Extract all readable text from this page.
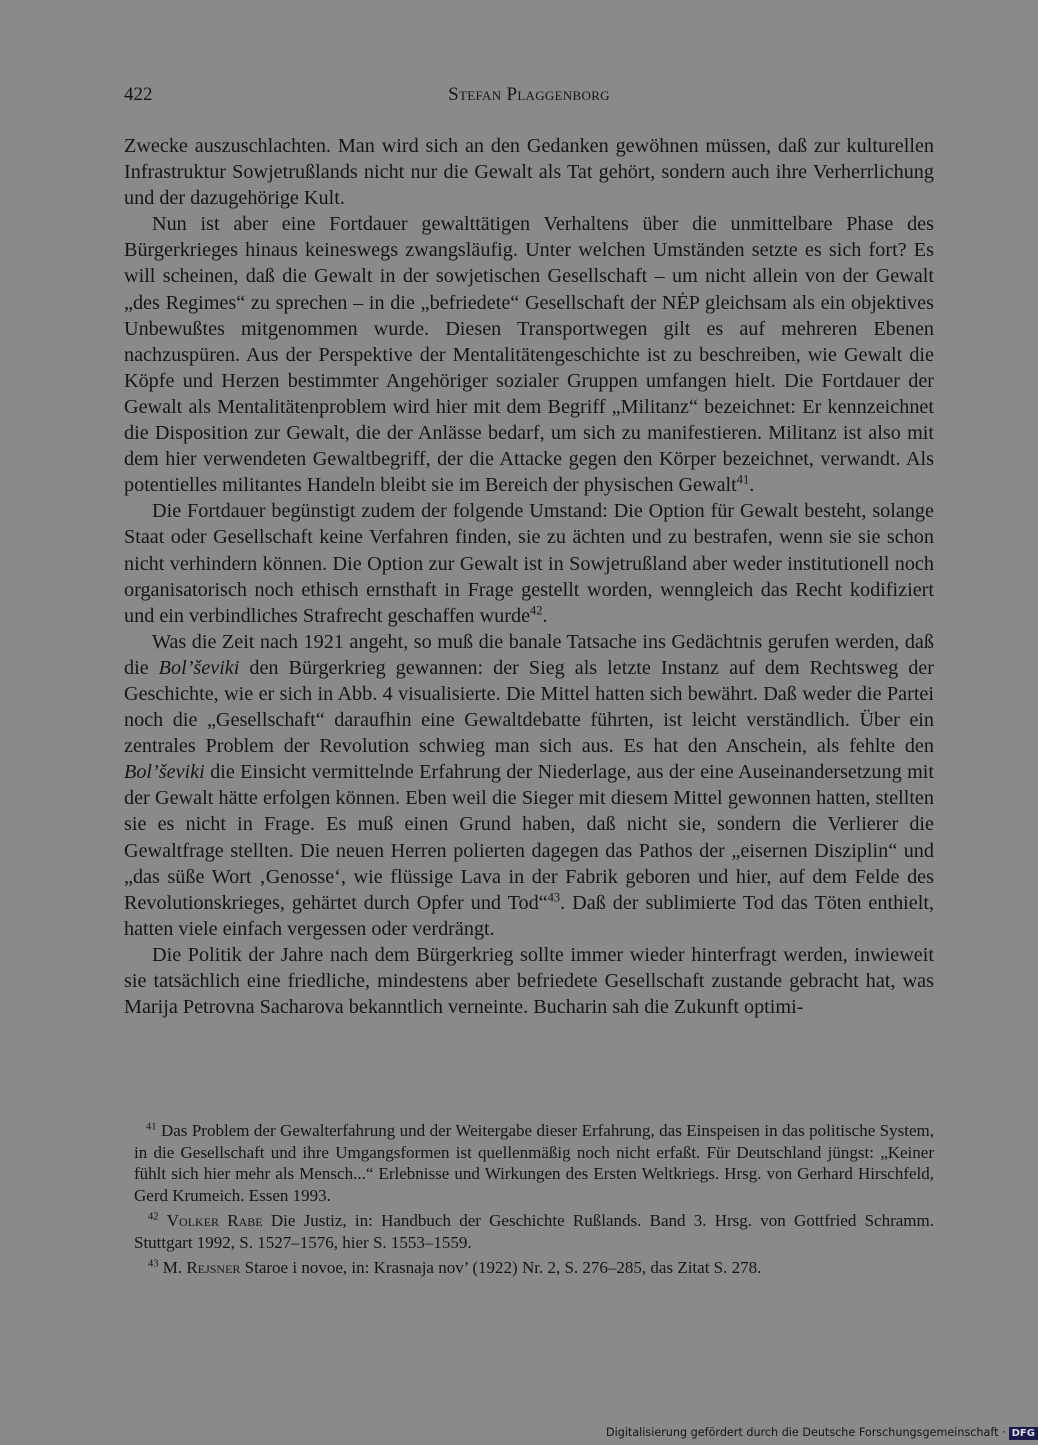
422	Stefan Plaggenborg

Zwecke auszuschlachten. Man wird sich an den Gedanken gewöhnen müssen, daß zur kulturellen Infrastruktur Sowjetrußlands nicht nur die Gewalt als Tat gehört, sondern auch ihre Verherrlichung und der dazugehörige Kult.

Nun ist aber eine Fortdauer gewalttätigen Verhaltens über die unmittelbare Phase des Bürgerkrieges hinaus keineswegs zwangsläufig. Unter welchen Umständen setzte es sich fort? Es will scheinen, daß die Gewalt in der sowjetischen Gesellschaft – um nicht allein von der Gewalt „des Regimes“ zu sprechen – in die „befriedete“ Gesellschaft der NĖP gleichsam als ein objektives Unbewußtes mitgenommen wurde. Diesen Transportwegen gilt es auf mehreren Ebenen nachzuspüren. Aus der Perspektive der Mentalitätengeschichte ist zu beschreiben, wie Gewalt die Köpfe und Herzen bestimmter Angehöriger sozialer Gruppen umfangen hielt. Die Fortdauer der Gewalt als Mentalitätenproblem wird hier mit dem Begriff „Militanz“ bezeichnet: Er kennzeichnet die Disposition zur Gewalt, die der Anlässe bedarf, um sich zu manifestieren. Militanz ist also mit dem hier verwendeten Gewaltbegriff, der die Attacke gegen den Körper bezeichnet, verwandt. Als potentielles militantes Handeln bleibt sie im Bereich der physischen Gewalt$^{41}$.

Die Fortdauer begünstigt zudem der folgende Umstand: Die Option für Gewalt besteht, solange Staat oder Gesellschaft keine Verfahren finden, sie zu ächten und zu bestrafen, wenn sie sie schon nicht verhindern können. Die Option zur Gewalt ist in Sowjetrußland aber weder institutionell noch organisatorisch noch ethisch ernsthaft in Frage gestellt worden, wenngleich das Recht kodifiziert und ein verbindliches Strafrecht geschaffen wurde$^{42}$.

Was die Zeit nach 1921 angeht, so muß die banale Tatsache ins Gedächtnis gerufen werden, daß die Bol’ševiki den Bürgerkrieg gewannen: der Sieg als letzte Instanz auf dem Rechtsweg der Geschichte, wie er sich in Abb. 4 visualisierte. Die Mittel hatten sich bewährt. Daß weder die Partei noch die „Gesellschaft“ daraufhin eine Gewaltdebatte führten, ist leicht verständlich. Über ein zentrales Problem der Revolution schwieg man sich aus. Es hat den Anschein, als fehlte den Bol’ševiki die Einsicht vermittelnde Erfahrung der Niederlage, aus der eine Auseinandersetzung mit der Gewalt hätte erfolgen können. Eben weil die Sieger mit diesem Mittel gewonnen hatten, stellten sie es nicht in Frage. Es muß einen Grund haben, daß nicht sie, sondern die Verlierer die Gewaltfrage stellten. Die neuen Herren polierten dagegen das Pathos der „eisernen Disziplin“ und „das süße Wort ‚Genosse‘, wie flüssige Lava in der Fabrik geboren und hier, auf dem Felde des Revolutionskrieges, gehärtet durch Opfer und Tod“$^{43}$. Daß der sublimierte Tod das Töten enthielt, hatten viele einfach vergessen oder verdrängt.

Die Politik der Jahre nach dem Bürgerkrieg sollte immer wieder hinterfragt werden, inwieweit sie tatsächlich eine friedliche, mindestens aber befriedete Gesellschaft zustande gebracht hat, was Marija Petrovna Sacharova bekanntlich verneinte. Bucharin sah die Zukunft optimi-

$^{41}$ Das Problem der Gewalterfahrung und der Weitergabe dieser Erfahrung, das Einspeisen in das politische System, in die Gesellschaft und ihre Umgangsformen ist quellenmäßig noch nicht erfaßt. Für Deutschland jüngst: „Keiner fühlt sich hier mehr als Mensch...“ Erlebnisse und Wirkungen des Ersten Weltkriegs. Hrsg. von Gerhard Hirschfeld, Gerd Krumeich. Essen 1993.

$^{42}$ Volker Rabe Die Justiz, in: Handbuch der Geschichte Rußlands. Band 3. Hrsg. von Gottfried Schramm. Stuttgart 1992, S. 1527–1576, hier S. 1553–1559.

$^{43}$ M. Rejsner Staroe i novoe, in: Krasnaja nov’ (1922) Nr. 2, S. 276–285, das Zitat S. 278.

Digitalisierung gefördert durch die Deutsche Forschungsgemeinschaft · DFG
